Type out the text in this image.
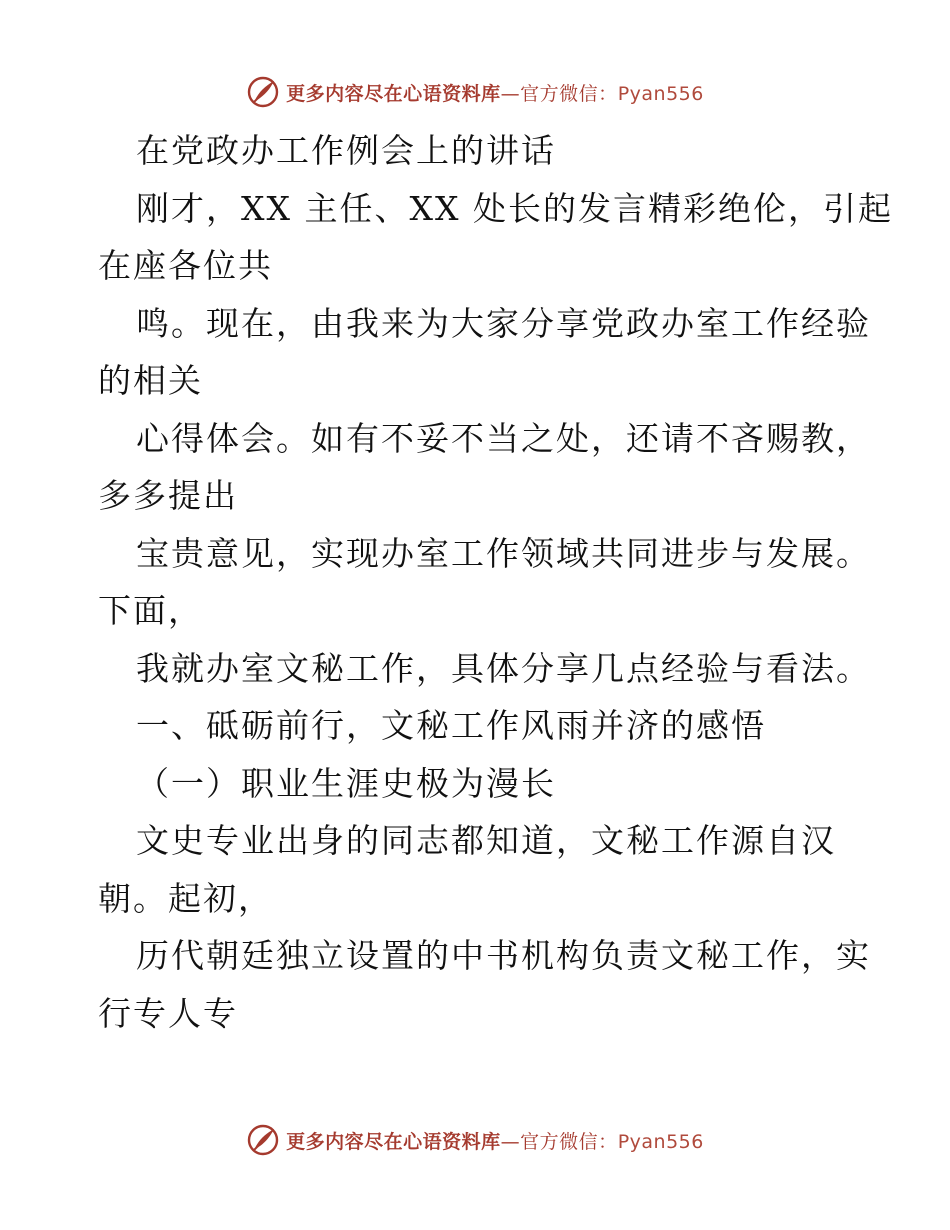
更多内容尽在心语资料库—官方微信：Pyan556
在党政办工作例会上的讲话
刚才，XX 主任、XX 处长的发言精彩绝伦，引起
在座各位共
鸣。现在，由我来为大家分享党政办室工作经验
的相关
心得体会。如有不妥不当之处，还请不吝赐教，
多多提出
宝贵意见，实现办室工作领域共同进步与发展。
下面，
我就办室文秘工作，具体分享几点经验与看法。
一、砥砺前行，文秘工作风雨并济的感悟
（一）职业生涯史极为漫长
文史专业出身的同志都知道，文秘工作源自汉
朝。起初，
历代朝廷独立设置的中书机构负责文秘工作，实
行专人专
更多内容尽在心语资料库—官方微信：Pyan556
